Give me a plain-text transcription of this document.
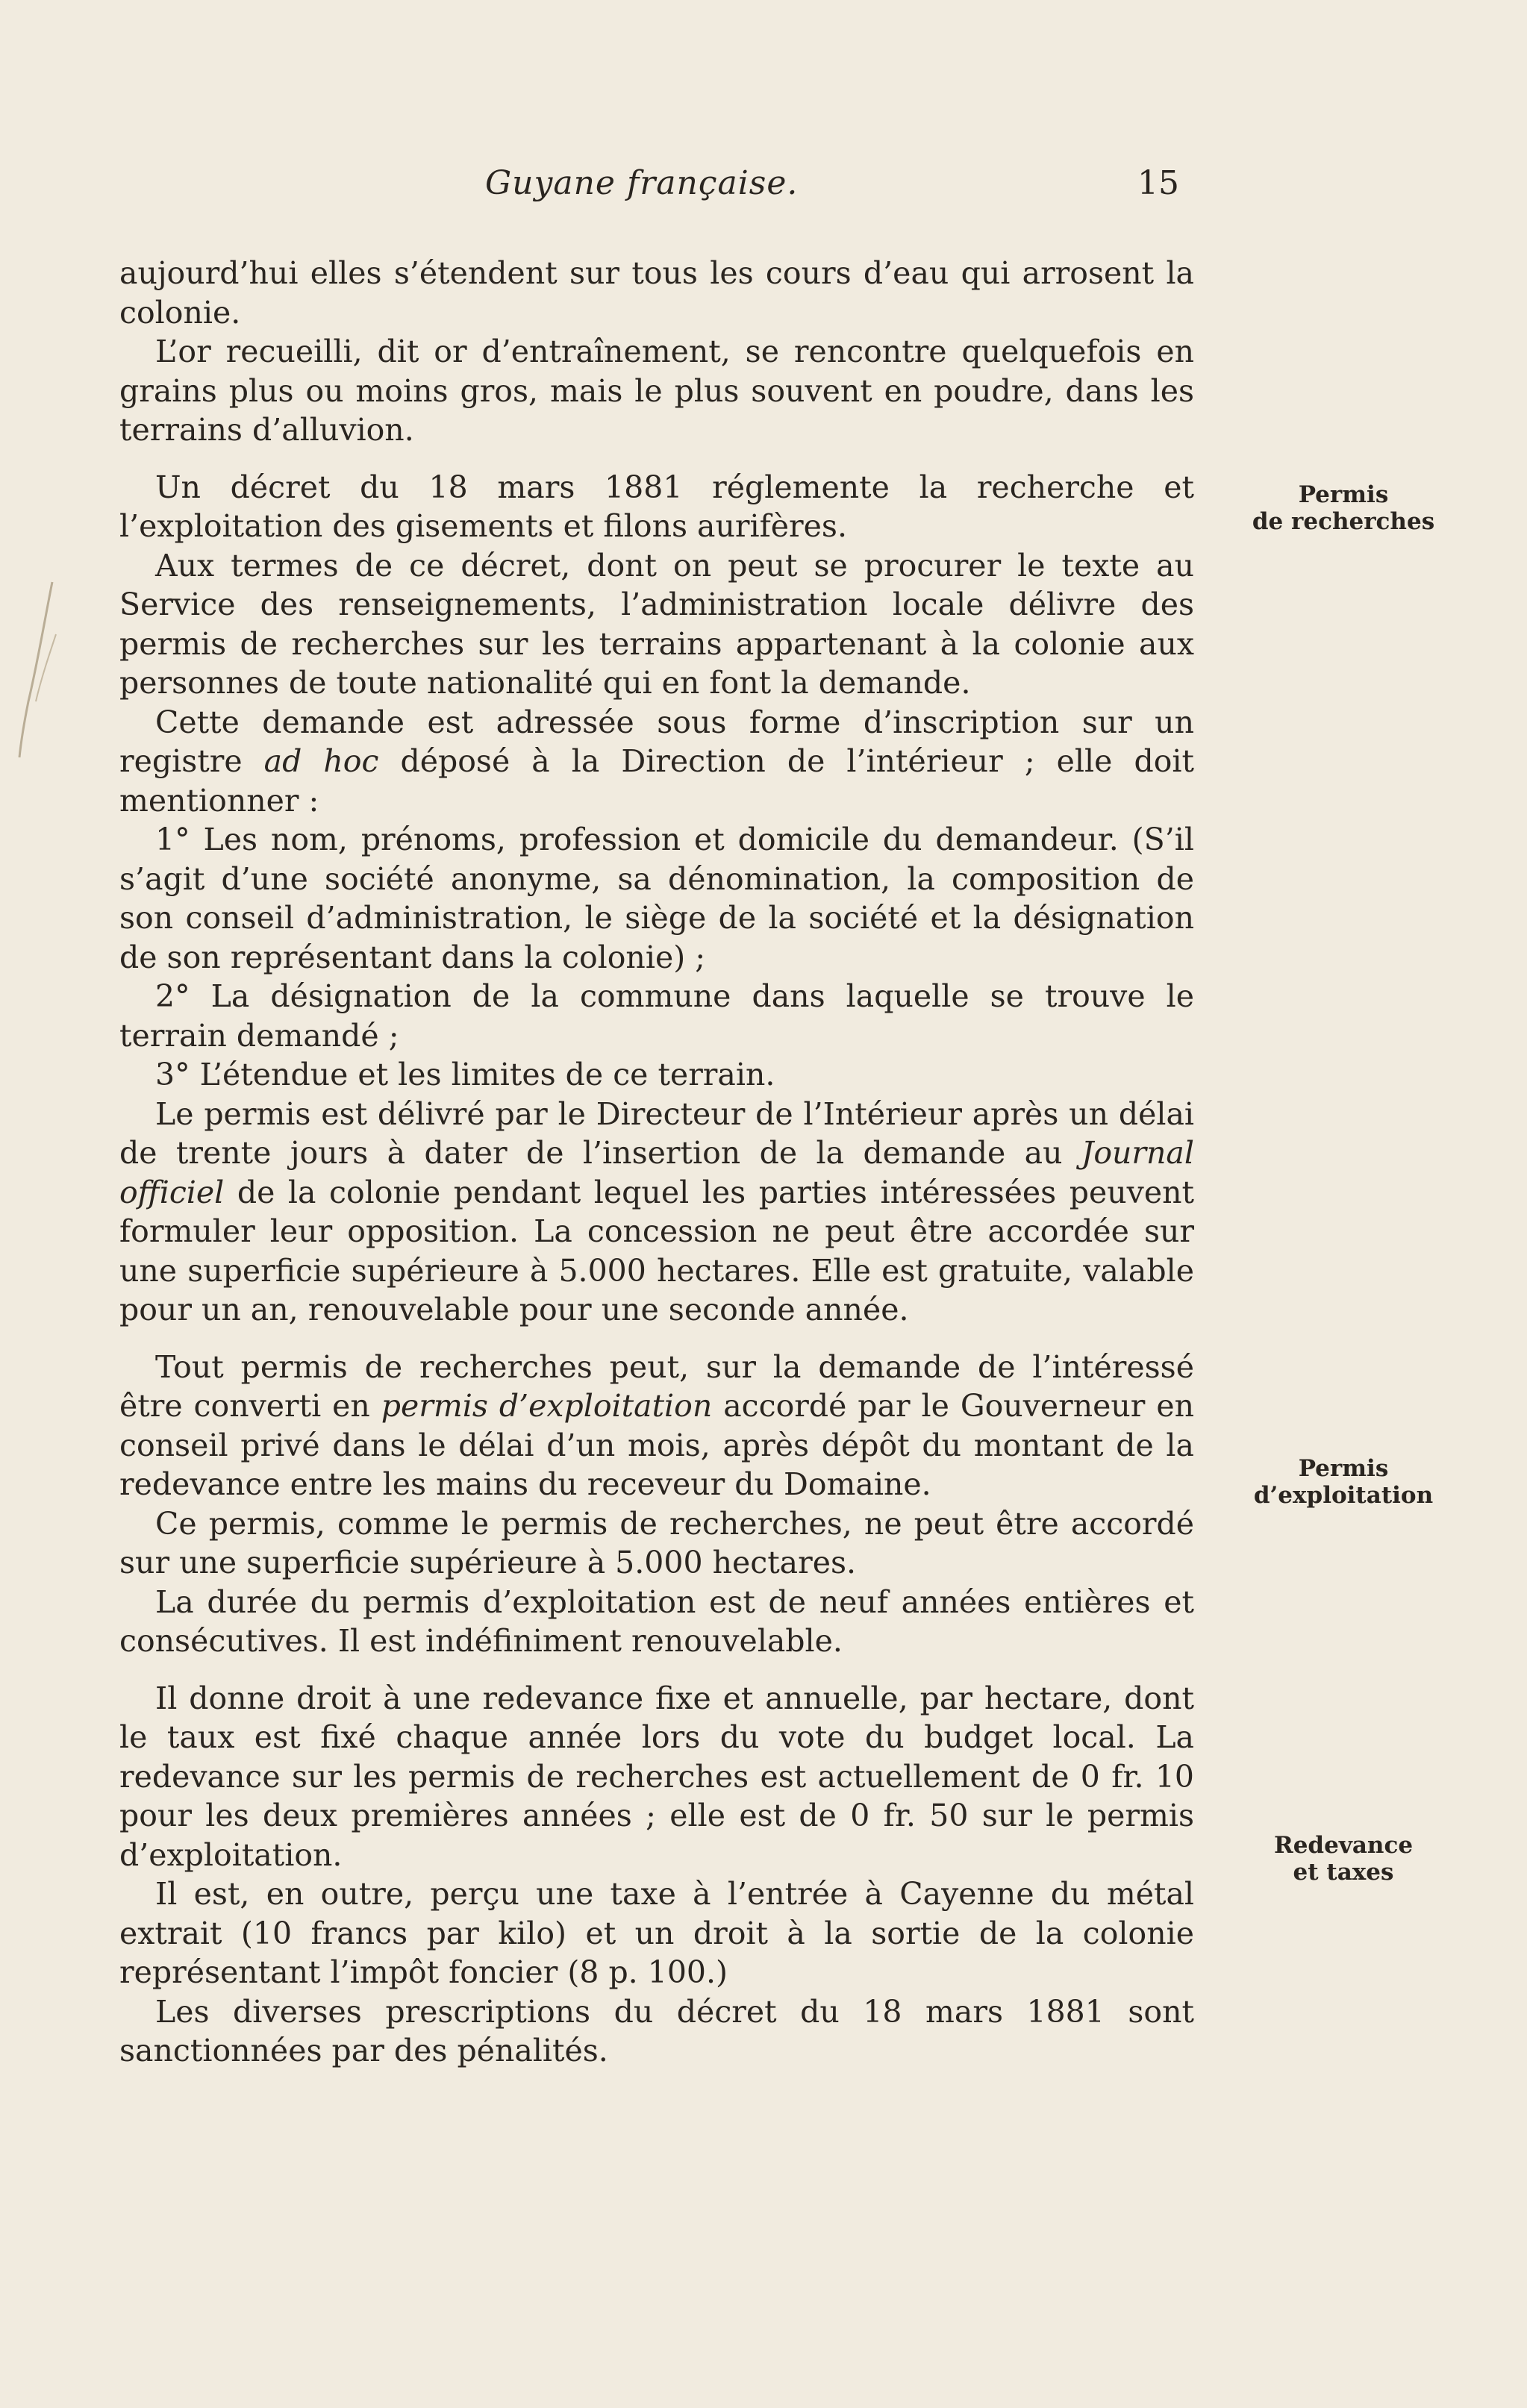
Guyane française.	15

aujourd’hui elles s’étendent sur tous les cours d’eau qui arrosent la colonie.

L’or recueilli, dit or d’entraînement, se rencontre quelquefois en grains plus ou moins gros, mais le plus souvent en poudre, dans les terrains d’alluvion.

Un décret du 18 mars 1881 réglemente la recherche et l’exploitation des gisements et filons aurifères.

Aux termes de ce décret, dont on peut se procurer le texte au Service des renseignements, l’administration locale délivre des permis de recherches sur les terrains appartenant à la colonie aux personnes de toute nationalité qui en font la demande.

Cette demande est adressée sous forme d’inscription sur un registre ad hoc déposé à la Direction de l’intérieur ; elle doit mentionner :

1° Les nom, prénoms, profession et domicile du demandeur. (S’il s’agit d’une société anonyme, sa dénomination, la composition de son conseil d’administration, le siège de la société et la désignation de son représentant dans la colonie) ;

2° La désignation de la commune dans laquelle se trouve le terrain demandé ;

3° L’étendue et les limites de ce terrain.

Le permis est délivré par le Directeur de l’Intérieur après un délai de trente jours à dater de l’insertion de la demande au Journal officiel de la colonie pendant lequel les parties intéressées peuvent formuler leur opposition. La concession ne peut être accordée sur une superficie supérieure à 5.000 hectares. Elle est gratuite, valable pour un an, renouvelable pour une seconde année.

Tout permis de recherches peut, sur la demande de l’intéressé être converti en permis d’exploitation accordé par le Gouverneur en conseil privé dans le délai d’un mois, après dépôt du montant de la redevance entre les mains du receveur du Domaine.

Ce permis, comme le permis de recherches, ne peut être accordé sur une superficie supérieure à 5.000 hectares.

La durée du permis d’exploitation est de neuf années entières et consécutives. Il est indéfiniment renouvelable.

Il donne droit à une redevance fixe et annuelle, par hectare, dont le taux est fixé chaque année lors du vote du budget local. La redevance sur les permis de recherches est actuellement de 0 fr. 10 pour les deux premières années ; elle est de 0 fr. 50 sur le permis d’exploitation.

Il est, en outre, perçu une taxe à l’entrée à Cayenne du métal extrait (10 francs par kilo) et un droit à la sortie de la colonie représentant l’impôt foncier (8 p. 100.)

Les diverses prescriptions du décret du 18 mars 1881 sont sanctionnées par des pénalités.

Permis
de recherches
Permis
d’exploitation
Redevance
et taxes
